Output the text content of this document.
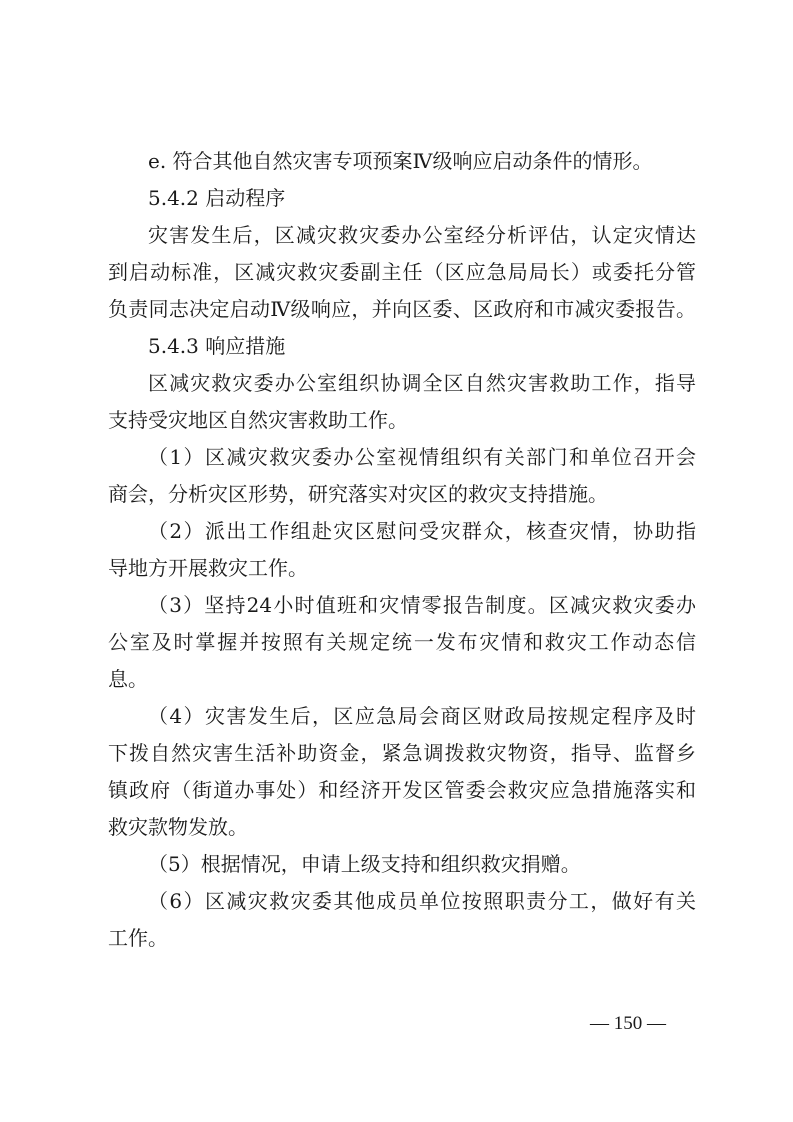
e. 符合其他自然灾害专项预案Ⅳ级响应启动条件的情形。
5.4.2 启动程序
灾害发生后，区减灾救灾委办公室经分析评估，认定灾情达
到启动标准，区减灾救灾委副主任（区应急局局长）或委托分管
负责同志决定启动Ⅳ级响应，并向区委、区政府和市减灾委报告。
5.4.3 响应措施
区减灾救灾委办公室组织协调全区自然灾害救助工作，指导
支持受灾地区自然灾害救助工作。
（1）区减灾救灾委办公室视情组织有关部门和单位召开会
商会，分析灾区形势，研究落实对灾区的救灾支持措施。
（2）派出工作组赴灾区慰问受灾群众，核查灾情，协助指
导地方开展救灾工作。
（3）坚持24小时值班和灾情零报告制度。区减灾救灾委办
公室及时掌握并按照有关规定统一发布灾情和救灾工作动态信
息。
（4）灾害发生后，区应急局会商区财政局按规定程序及时
下拨自然灾害生活补助资金，紧急调拨救灾物资，指导、监督乡
镇政府（街道办事处）和经济开发区管委会救灾应急措施落实和
救灾款物发放。
（5）根据情况，申请上级支持和组织救灾捐赠。
（6）区减灾救灾委其他成员单位按照职责分工，做好有关
工作。
— 150 —
